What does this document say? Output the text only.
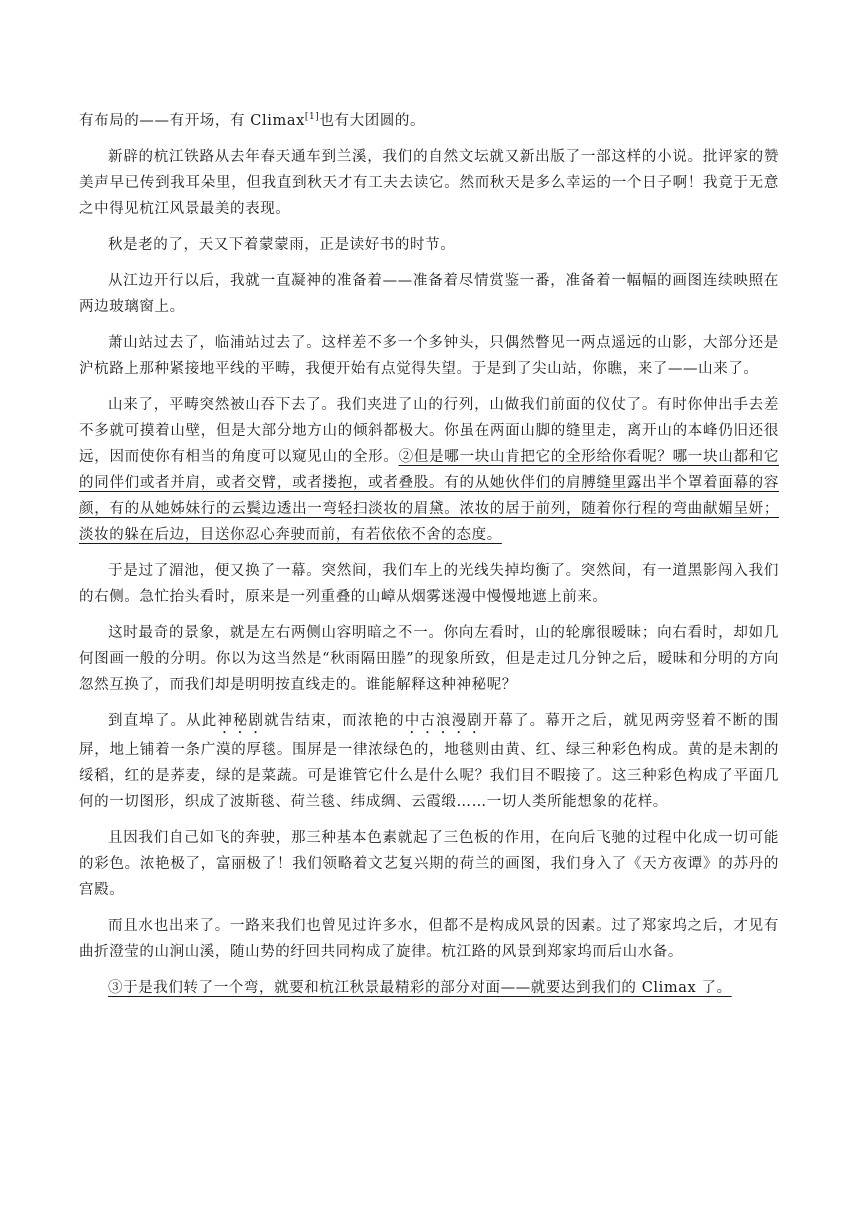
有布局的——有开场，有 Climax[1]也有大团圆的。

新辟的杭江铁路从去年春天通车到兰溪，我们的自然文坛就又新出版了一部这样的小说。批评家的赞美声早已传到我耳朵里，但我直到秋天才有工夫去读它。然而秋天是多么幸运的一个日子啊！我竟于无意之中得见杭江风景最美的表现。

秋是老的了，天又下着蒙蒙雨，正是读好书的时节。

从江边开行以后，我就一直凝神的准备着——准备着尽情赏鉴一番，准备着一幅幅的画图连续映照在两边玻璃窗上。

萧山站过去了，临浦站过去了。这样差不多一个多钟头，只偶然瞥见一两点遥远的山影，大部分还是沪杭路上那种紧接地平线的平畴，我便开始有点觉得失望。于是到了尖山站，你瞧，来了——山来了。

山来了，平畴突然被山吞下去了。我们夹进了山的行列，山做我们前面的仪仗了。有时你伸出手去差不多就可摸着山壁，但是大部分地方山的倾斜都极大。你虽在两面山脚的缝里走，离开山的本峰仍旧还很远，因而使你有相当的角度可以窥见山的全形。②但是哪一块山肯把它的全形给你看呢？哪一块山都和它的同伴们或者并肩，或者交臂，或者搂抱，或者叠股。有的从她伙伴们的肩膊缝里露出半个罩着面幕的容颜，有的从她姊妹行的云鬓边透出一弯轻扫淡妆的眉黛。浓妆的居于前列，随着你行程的弯曲献媚呈妍；淡妆的躲在后边，目送你忍心奔驶而前，有若依依不舍的态度。

于是过了湄池，便又换了一幕。突然间，我们车上的光线失掉均衡了。突然间，有一道黑影闯入我们的右侧。急忙抬头看时，原来是一列重叠的山嶂从烟雾迷漫中慢慢地遮上前来。

这时最奇的景象，就是左右两侧山容明暗之不一。你向左看时，山的轮廓很暧昧；向右看时，却如几何图画一般的分明。你以为这当然是“秋雨隔田塍”的现象所致，但是走过几分钟之后，暧昧和分明的方向忽然互换了，而我们却是明明按直线走的。谁能解释这种神秘呢？

到直埠了。从此神秘剧就告结束，而浓艳的中古浪漫剧开幕了。幕开之后，就见两旁竖着不断的围屏，地上铺着一条广漠的厚毯。围屏是一律浓绿色的，地毯则由黄、红、绿三种彩色构成。黄的是未割的绥稻，红的是荞麦，绿的是菜蔬。可是谁管它什么是什么呢？我们目不暇接了。这三种彩色构成了平面几何的一切图形，织成了波斯毯、荷兰毯、纬成绸、云霞缎……一切人类所能想象的花样。

且因我们自己如飞的奔驶，那三种基本色素就起了三色板的作用，在向后飞驰的过程中化成一切可能的彩色。浓艳极了，富丽极了！我们领略着文艺复兴期的荷兰的画图，我们身入了《天方夜谭》的苏丹的宫殿。

而且水也出来了。一路来我们也曾见过许多水，但都不是构成风景的因素。过了郑家坞之后，才见有曲折澄莹的山涧山溪，随山势的纡回共同构成了旋律。杭江路的风景到郑家坞而后山水备。

③于是我们转了一个弯，就要和杭江秋景最精彩的部分对面——就要达到我们的 Climax 了。
